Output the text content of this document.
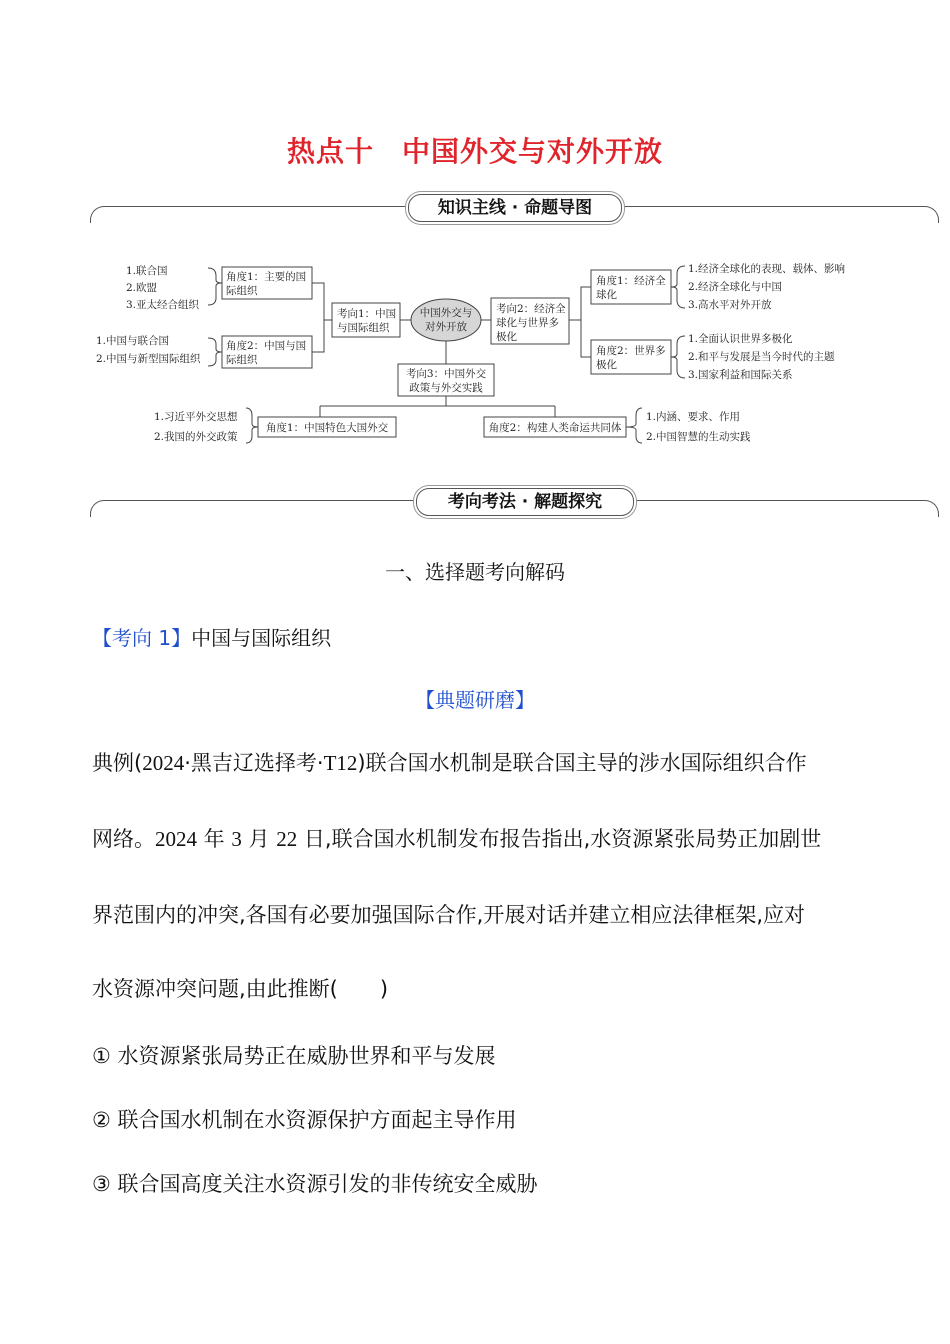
热点十 中国外交与对外开放
知识主线 · 命题导图
中国外交与
对外开放
考向1：中国
与国际组织
考向2：经济全
球化与世界多
极化
考向3：中国外交
政策与外交实践
角度1：主要的国
际组织
1.联合国
2.欧盟
3.亚太经合组织
角度2：中国与国
际组织
1.中国与联合国
2.中国与新型国际组织
角度1：经济全
球化
1.经济全球化的表现、载体、影响
2.经济全球化与中国
3.高水平对外开放
角度2：世界多
极化
1.全面认识世界多极化
2.和平与发展是当今时代的主题
3.国家利益和国际关系
角度1：中国特色大国外交
1.习近平外交思想
2.我国的外交政策
角度2：构建人类命运共同体
1.内涵、要求、作用
2.中国智慧的生动实践
考向考法 · 解题探究
一、选择题考向解码
【考向 1】中国与国际组织
【典题研磨】
典例(2024·黑吉辽选择考·T12)联合国水机制是联合国主导的涉水国际组织合作
网络。2024 年 3 月 22 日,联合国水机制发布报告指出,水资源紧张局势正加剧世
界范围内的冲突,各国有必要加强国际合作,开展对话并建立相应法律框架,应对
水资源冲突问题,由此推断(　　)
① 水资源紧张局势正在威胁世界和平与发展
② 联合国水机制在水资源保护方面起主导作用
③ 联合国高度关注水资源引发的非传统安全威胁
